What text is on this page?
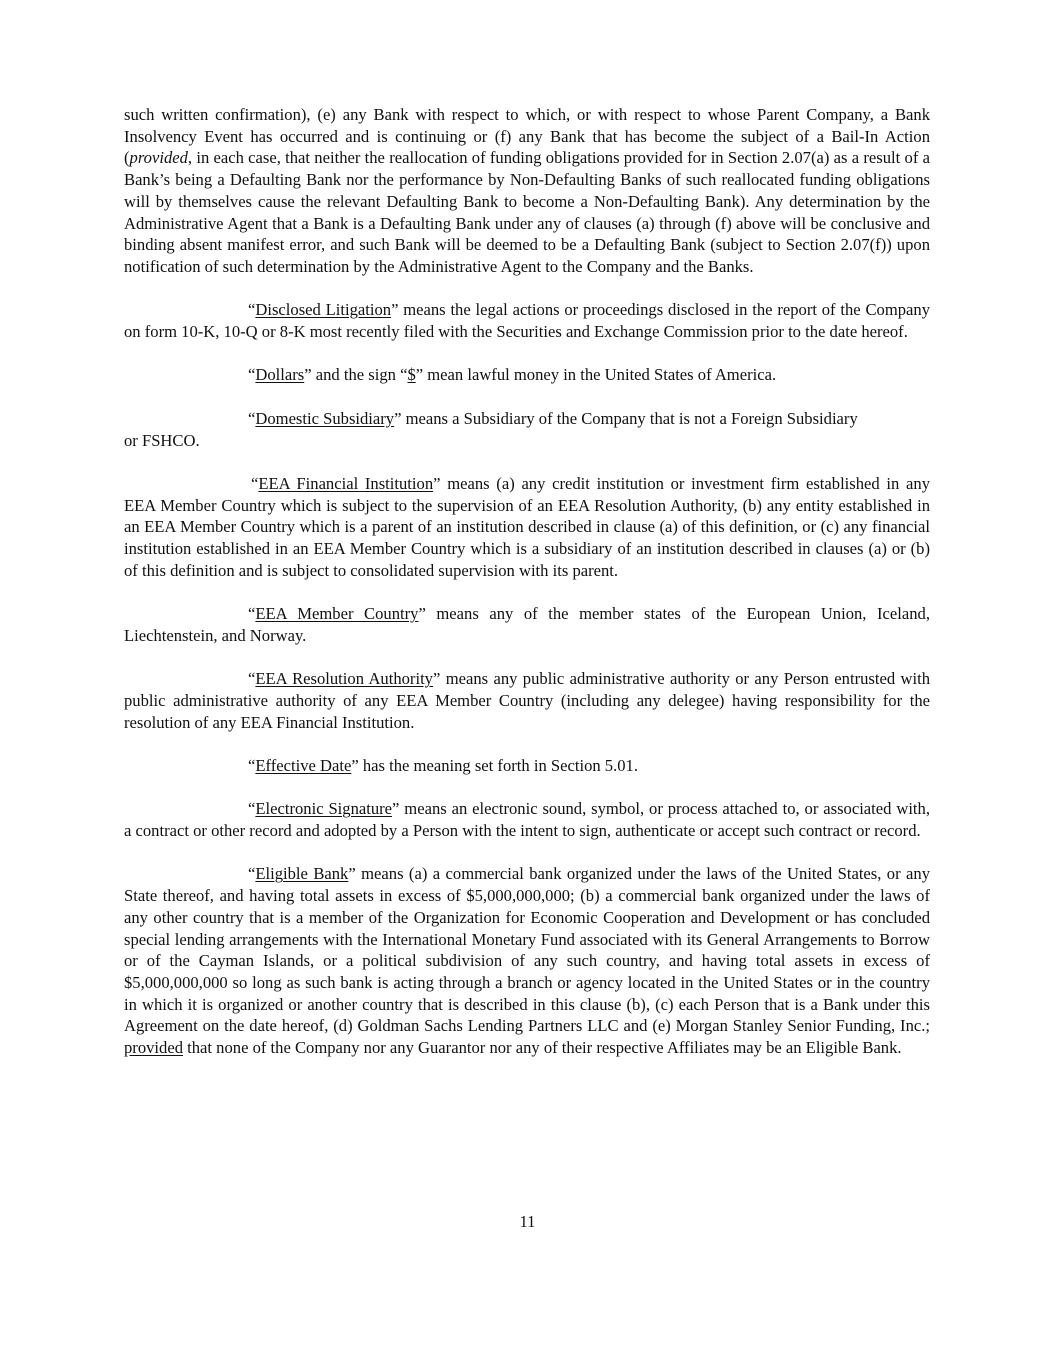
such written confirmation), (e) any Bank with respect to which, or with respect to whose Parent Company, a Bank Insolvency Event has occurred and is continuing or (f) any Bank that has become the subject of a Bail-In Action (provided, in each case, that neither the reallocation of funding obligations provided for in Section 2.07(a) as a result of a Bank’s being a Defaulting Bank nor the performance by Non-Defaulting Banks of such reallocated funding obligations will by themselves cause the relevant Defaulting Bank to become a Non-Defaulting Bank). Any determination by the Administrative Agent that a Bank is a Defaulting Bank under any of clauses (a) through (f) above will be conclusive and binding absent manifest error, and such Bank will be deemed to be a Defaulting Bank (subject to Section 2.07(f)) upon notification of such determination by the Administrative Agent to the Company and the Banks.

“Disclosed Litigation” means the legal actions or proceedings disclosed in the report of the Company on form 10-K, 10-Q or 8-K most recently filed with the Securities and Exchange Commission prior to the date hereof.

“Dollars” and the sign “$” mean lawful money in the United States of America.

“Domestic Subsidiary” means a Subsidiary of the Company that is not a Foreign Subsidiary

or FSHCO.

“EEA Financial Institution” means (a) any credit institution or investment firm established in any EEA Member Country which is subject to the supervision of an EEA Resolution Authority, (b) any entity established in an EEA Member Country which is a parent of an institution described in clause (a) of this definition, or (c) any financial institution established in an EEA Member Country which is a subsidiary of an institution described in clauses (a) or (b) of this definition and is subject to consolidated supervision with its parent.

“EEA Member Country” means any of the member states of the European Union, Iceland, Liechtenstein, and Norway.

“EEA Resolution Authority” means any public administrative authority or any Person entrusted with public administrative authority of any EEA Member Country (including any delegee) having responsibility for the resolution of any EEA Financial Institution.

“Effective Date” has the meaning set forth in Section 5.01.

“Electronic Signature” means an electronic sound, symbol, or process attached to, or associated with, a contract or other record and adopted by a Person with the intent to sign, authenticate or accept such contract or record.

“Eligible Bank” means (a) a commercial bank organized under the laws of the United States, or any State thereof, and having total assets in excess of $5,000,000,000; (b) a commercial bank organized under the laws of any other country that is a member of the Organization for Economic Cooperation and Development or has concluded special lending arrangements with the International Monetary Fund associated with its General Arrangements to Borrow or of the Cayman Islands, or a political subdivision of any such country, and having total assets in excess of $5,000,000,000 so long as such bank is acting through a branch or agency located in the United States or in the country in which it is organized or another country that is described in this clause (b), (c) each Person that is a Bank under this Agreement on the date hereof, (d) Goldman Sachs Lending Partners LLC and (e) Morgan Stanley Senior Funding, Inc.; provided that none of the Company nor any Guarantor nor any of their respective Affiliates may be an Eligible Bank.

11
